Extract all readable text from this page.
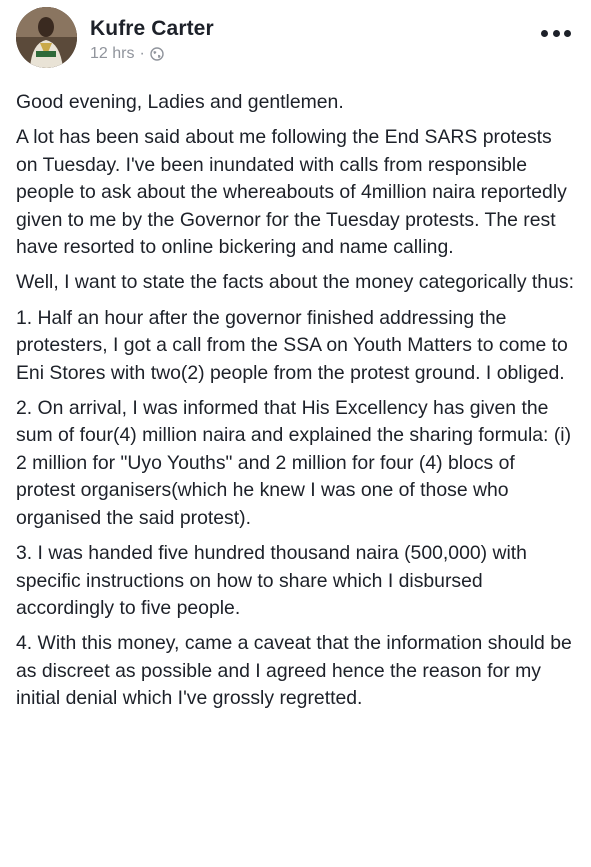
Kufre Carter
12 hrs ·

Good evening, Ladies and gentlemen.

A lot has been said about me following the End SARS protests on Tuesday. I've been inundated with calls from responsible people to ask about the whereabouts of 4million naira reportedly given to me by the Governor for the Tuesday protests. The rest have resorted to online bickering and name calling.

Well, I want to state the facts about the money categorically thus:

1. Half an hour after the governor finished addressing the protesters, I got a call from the SSA on Youth Matters to come to Eni Stores with two(2) people from the protest ground. I obliged.

2. On arrival, I was informed that His Excellency has given the sum of four(4) million naira and explained the sharing formula: (i) 2 million for "Uyo Youths" and 2 million for four (4) blocs of protest organisers(which he knew I was one of those who organised the said protest).

3. I was handed five hundred thousand naira (500,000) with specific instructions on how to share which I disbursed accordingly to five people.

4. With this money, came a caveat that the information should be as discreet as possible and I agreed hence the reason for my initial denial which I've grossly regretted.
